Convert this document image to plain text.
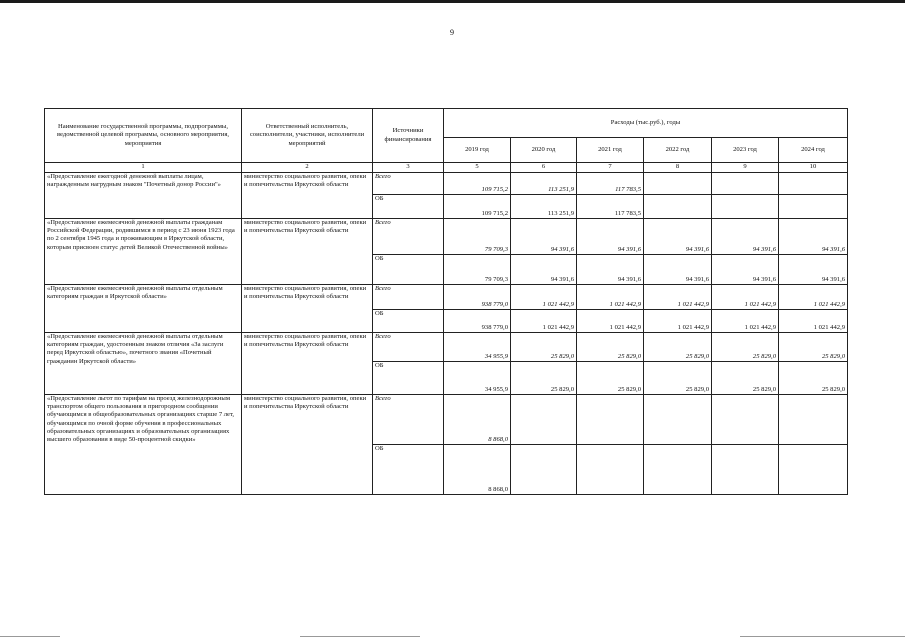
9
Наименование государственной программы, подпрограммы, ведомственной целевой программы, основного мероприятия, мероприятия	Ответственный исполнитель, соисполнители, участники, исполнители мероприятий	Источники финансирования	Расходы (тыс.руб.), годы					
			2019 год	2020 год	2021 год	2022 год	2023 год	2024 год
1	2	3	5	6	7	8	9	10
«Предоставление ежегодной денежной выплаты лицам, награжденным нагрудным знаком "Почетный донор России"»	министерство социального развития, опеки и попечительства Иркутской области	Всего	109 715,2	113 251,9	117 783,5			
		ОБ	109 715,2	113 251,9	117 783,5			
«Предоставление ежемесячной денежной выплаты гражданам Российской Федерации, родившимся в период с 23 июня 1923 года по 2 сентября 1945 года и проживающим в Иркутской области, которым присвоен статус детей Великой Отечественной войны»	министерство социального развития, опеки и попечительства Иркутской области	Всего	79 709,3	94 391,6	94 391,6	94 391,6	94 391,6	94 391,6
		ОБ	79 709,3	94 391,6	94 391,6	94 391,6	94 391,6	94 391,6
«Предоставление ежемесячной денежной выплаты отдельным категориям граждан в Иркутской области»	министерство социального развития, опеки и попечительства Иркутской области	Всего	938 779,0	1 021 442,9	1 021 442,9	1 021 442,9	1 021 442,9	1 021 442,9
		ОБ	938 779,0	1 021 442,9	1 021 442,9	1 021 442,9	1 021 442,9	1 021 442,9
«Предоставление ежемесячной денежной выплаты отдельным категориям граждан, удостоенным знаком отличия «За заслуги перед Иркутской областью», почетного звания «Почетный гражданин Иркутской области»	министерство социального развития, опеки и попечительства Иркутской области	Всего	34 955,9	25 829,0	25 829,0	25 829,0	25 829,0	25 829,0
		ОБ	34 955,9	25 829,0	25 829,0	25 829,0	25 829,0	25 829,0
«Предоставление льгот по тарифам на проезд железнодорожным транспортом общего пользования в пригородном сообщении обучающимся в общеобразовательных организациях старше 7 лет, обучающимся по очной форме обучения в профессиональных образовательных организациях и образовательных организациях высшего образования в виде 50-процентной скидки»	министерство социального развития, опеки и попечительства Иркутской области	Всего	8 868,0					
		ОБ	8 868,0					
